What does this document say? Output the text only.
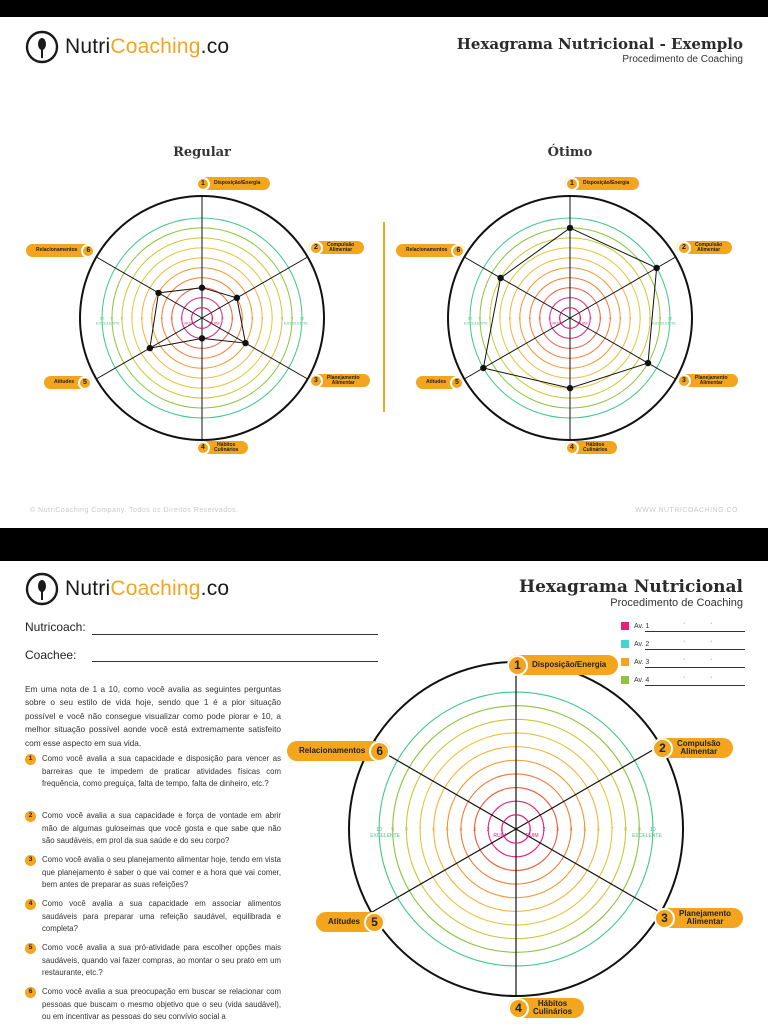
NutriCoaching.co	Hexagrama Nutricional - Exemplo
Procedimento de Coaching
Regular	Ótimo
1
2
3
4
5
6
7
8
9
10
RUIM
EXCELENTE
1 2 3 4 5 6 7 8 9 10
RUIM	EXCELENTE
1
2
3
4
5
6
7
8
9
10
RUIM
EXCELENTE
1 2 3 4 5 6 7 8 9 10
RUIM	EXCELENTE
© NutriCoaching Company. Todos os Direitos Reservados.	WWW.NUTRICOACHING.CO
NutriCoaching.co	Hexagrama Nutricional
Procedimento de Coaching
Nutricoach:
Coachee:
Av. 1	·	·
Av. 2	·	·
Av. 3	·	·
Av. 4	·	·
Em uma nota de 1 a 10, como você avalia as seguintes perguntas sobre o seu estilo de vida hoje, sendo que 1 é a pior situação possível e você não consegue visualizar como pode piorar e 10, a melhor situação possível aonde você está extremamente satisfeito com esse aspecto em sua vida.
1	Como você avalia a sua capacidade e disposição para vencer as barreiras que te impedem de praticar atividades físicas com frequência, como preguiça, falta de tempo, falta de dinheiro, etc.?
2	Como você avalia a sua capacidade e força de vontade em abrir mão de algumas guloseimas que você gosta e que sabe que não são saudáveis, em prol da sua saúde e do seu corpo?
3	Como você avalia o seu planejamento alimentar hoje, tendo em vista que planejamento é saber o que vai comer e a hora que vai comer, bem antes de preparar as suas refeições?
4	Como você avalia a sua capacidade em associar alimentos saudáveis para preparar uma refeição saudável, equilibrada e completa?
5	Como você avalia a sua pró-atividade para escolher opções mais saudáveis, quando vai fazer compras, ao montar o seu prato em um restaurante, etc.?
6	Como você avalia a sua preocupação em buscar se relacionar com pessoas que buscam o mesmo objetivo que o seu (vida saudável), ou em incentivar as pessoas do seu convívio social a
1
2
3
4
5
6
7
8
9
10
RUIM
EXCELENTE
1 2 3 4 5 6 7 8 9 10
RUIM	EXCELENTE
1	Disposição/Energia
2	Compulsão
Alimentar
3	Planejamento
Alimentar
4	Hábitos
Culinários
Atitudes	5
Relacionamentos	6
1	Disposição/Energia
2	Compulsão
Alimentar
3	Planejamento
Alimentar
4	Hábitos
Culinários
Atitudes	5
Relacionamentos	6
1	Disposição/Energia
2	Compulsão
Alimentar
3	Planejamento
Alimentar
4	Hábitos
Culinários
Atitudes 5
Relacionamentos 6
